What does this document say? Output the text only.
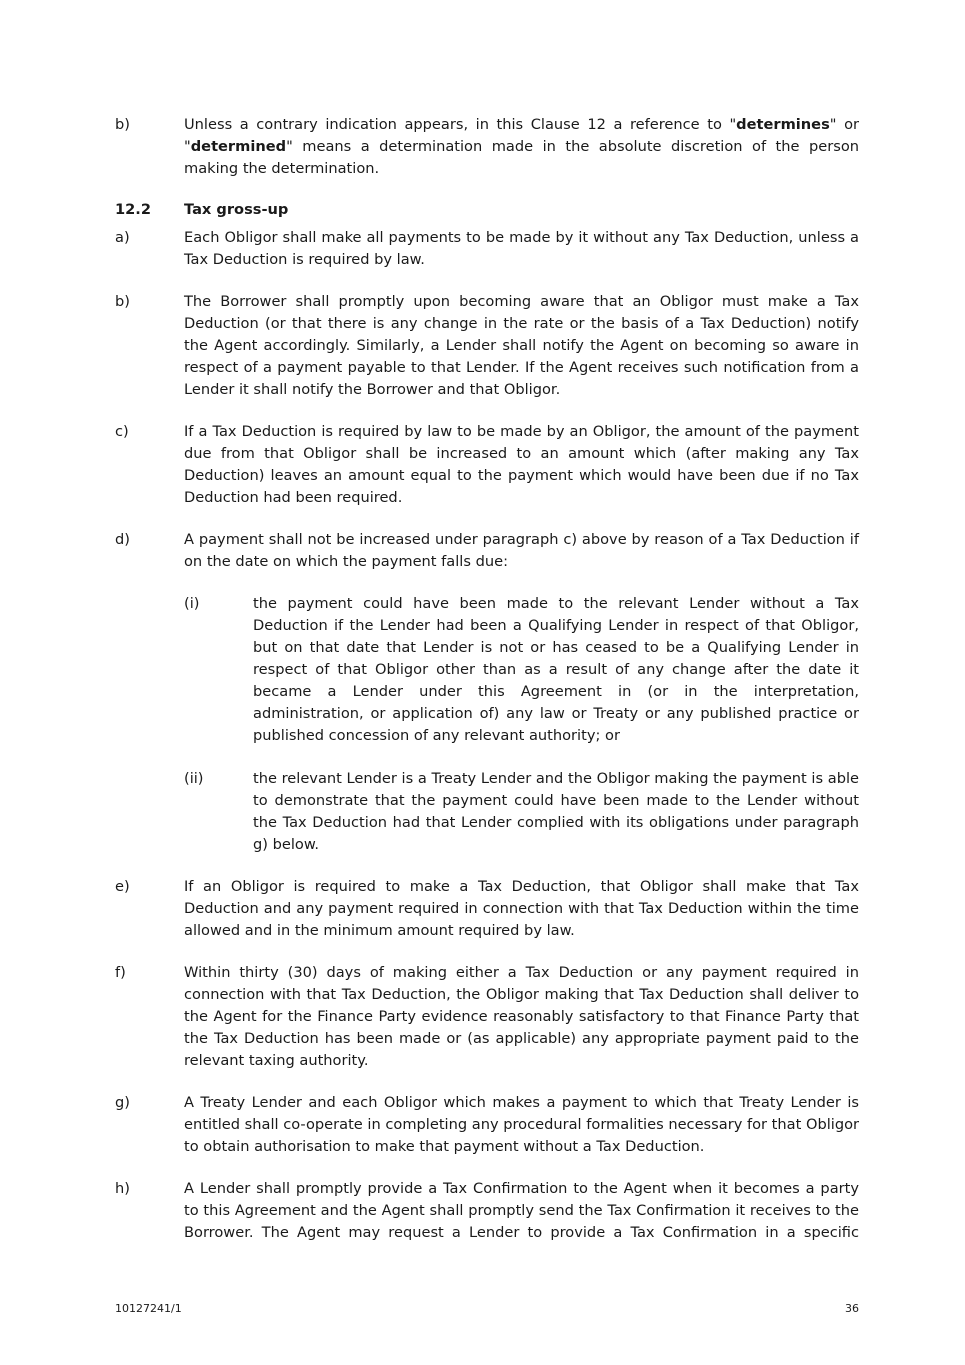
b)	Unless a contrary indication appears, in this Clause 12 a reference to "determines" or "determined" means a determination made in the absolute discretion of the person making the determination.
12.2 Tax gross-up
a)	Each Obligor shall make all payments to be made by it without any Tax Deduction, unless a Tax Deduction is required by law.
b)	The Borrower shall promptly upon becoming aware that an Obligor must make a Tax Deduction (or that there is any change in the rate or the basis of a Tax Deduction) notify the Agent accordingly. Similarly, a Lender shall notify the Agent on becoming so aware in respect of a payment payable to that Lender. If the Agent receives such notification from a Lender it shall notify the Borrower and that Obligor.
c)	If a Tax Deduction is required by law to be made by an Obligor, the amount of the payment due from that Obligor shall be increased to an amount which (after making any Tax Deduction) leaves an amount equal to the payment which would have been due if no Tax Deduction had been required.
d)	A payment shall not be increased under paragraph c) above by reason of a Tax Deduction if on the date on which the payment falls due:
(i)	the payment could have been made to the relevant Lender without a Tax Deduction if the Lender had been a Qualifying Lender in respect of that Obligor, but on that date that Lender is not or has ceased to be a Qualifying Lender in respect of that Obligor other than as a result of any change after the date it became a Lender under this Agreement in (or in the interpretation, administration, or application of) any law or Treaty or any published practice or published concession of any relevant authority; or
(ii)	the relevant Lender is a Treaty Lender and the Obligor making the payment is able to demonstrate that the payment could have been made to the Lender without the Tax Deduction had that Lender complied with its obligations under paragraph g) below.
e)	If an Obligor is required to make a Tax Deduction, that Obligor shall make that Tax Deduction and any payment required in connection with that Tax Deduction within the time allowed and in the minimum amount required by law.
f)	Within thirty (30) days of making either a Tax Deduction or any payment required in connection with that Tax Deduction, the Obligor making that Tax Deduction shall deliver to the Agent for the Finance Party evidence reasonably satisfactory to that Finance Party that the Tax Deduction has been made or (as applicable) any appropriate payment paid to the relevant taxing authority.
g)	A Treaty Lender and each Obligor which makes a payment to which that Treaty Lender is entitled shall co-operate in completing any procedural formalities necessary for that Obligor to obtain authorisation to make that payment without a Tax Deduction.
h)	A Lender shall promptly provide a Tax Confirmation to the Agent when it becomes a party to this Agreement and the Agent shall promptly send the Tax Confirmation it receives to the Borrower. The Agent may request a Lender to provide a Tax Confirmation in a specific
10127241/1	36
